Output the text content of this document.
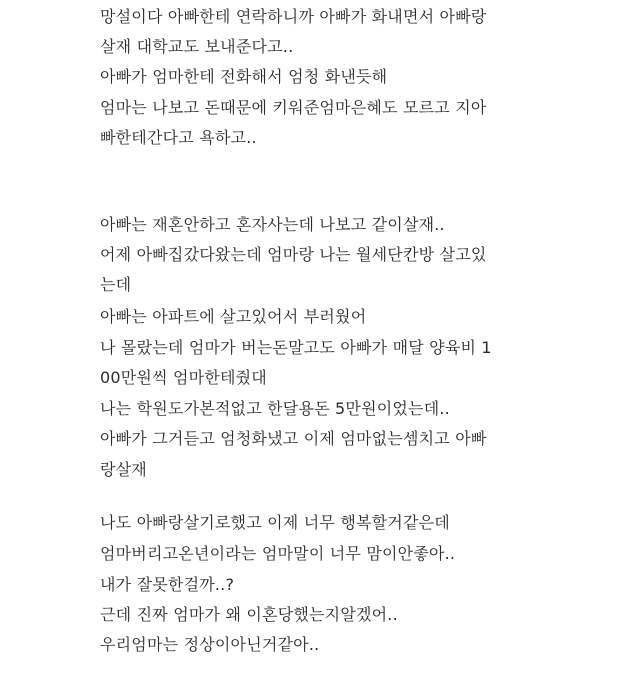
망설이다 아빠한테 연락하니까 아빠가 화내면서 아빠랑
살재 대학교도 보내준다고..
아빠가 엄마한테 전화해서 엄청 화낸듯해
엄마는 나보고 돈때문에 키워준엄마은혜도 모르고 지아
빠한테간다고 욕하고..
아빠는 재혼안하고 혼자사는데 나보고 같이살재..
어제 아빠집갔다왔는데 엄마랑 나는 월세단칸방 살고있
는데
아빠는 아파트에 살고있어서 부러웠어
나 몰랐는데 엄마가 버는돈말고도 아빠가 매달 양육비 1
00만원씩 엄마한테줬대
나는 학원도가본적없고 한달용돈 5만원이었는데..
아빠가 그거듣고 엄청화냈고 이제 엄마없는셈치고 아빠
랑살재
나도 아빠랑살기로했고 이제 너무 행복할거같은데
엄마버리고온년이라는 엄마말이 너무 맘이안좋아..
내가 잘못한걸까..?
근데 진짜 엄마가 왜 이혼당했는지알겠어..
우리엄마는 정상이아닌거같아..
